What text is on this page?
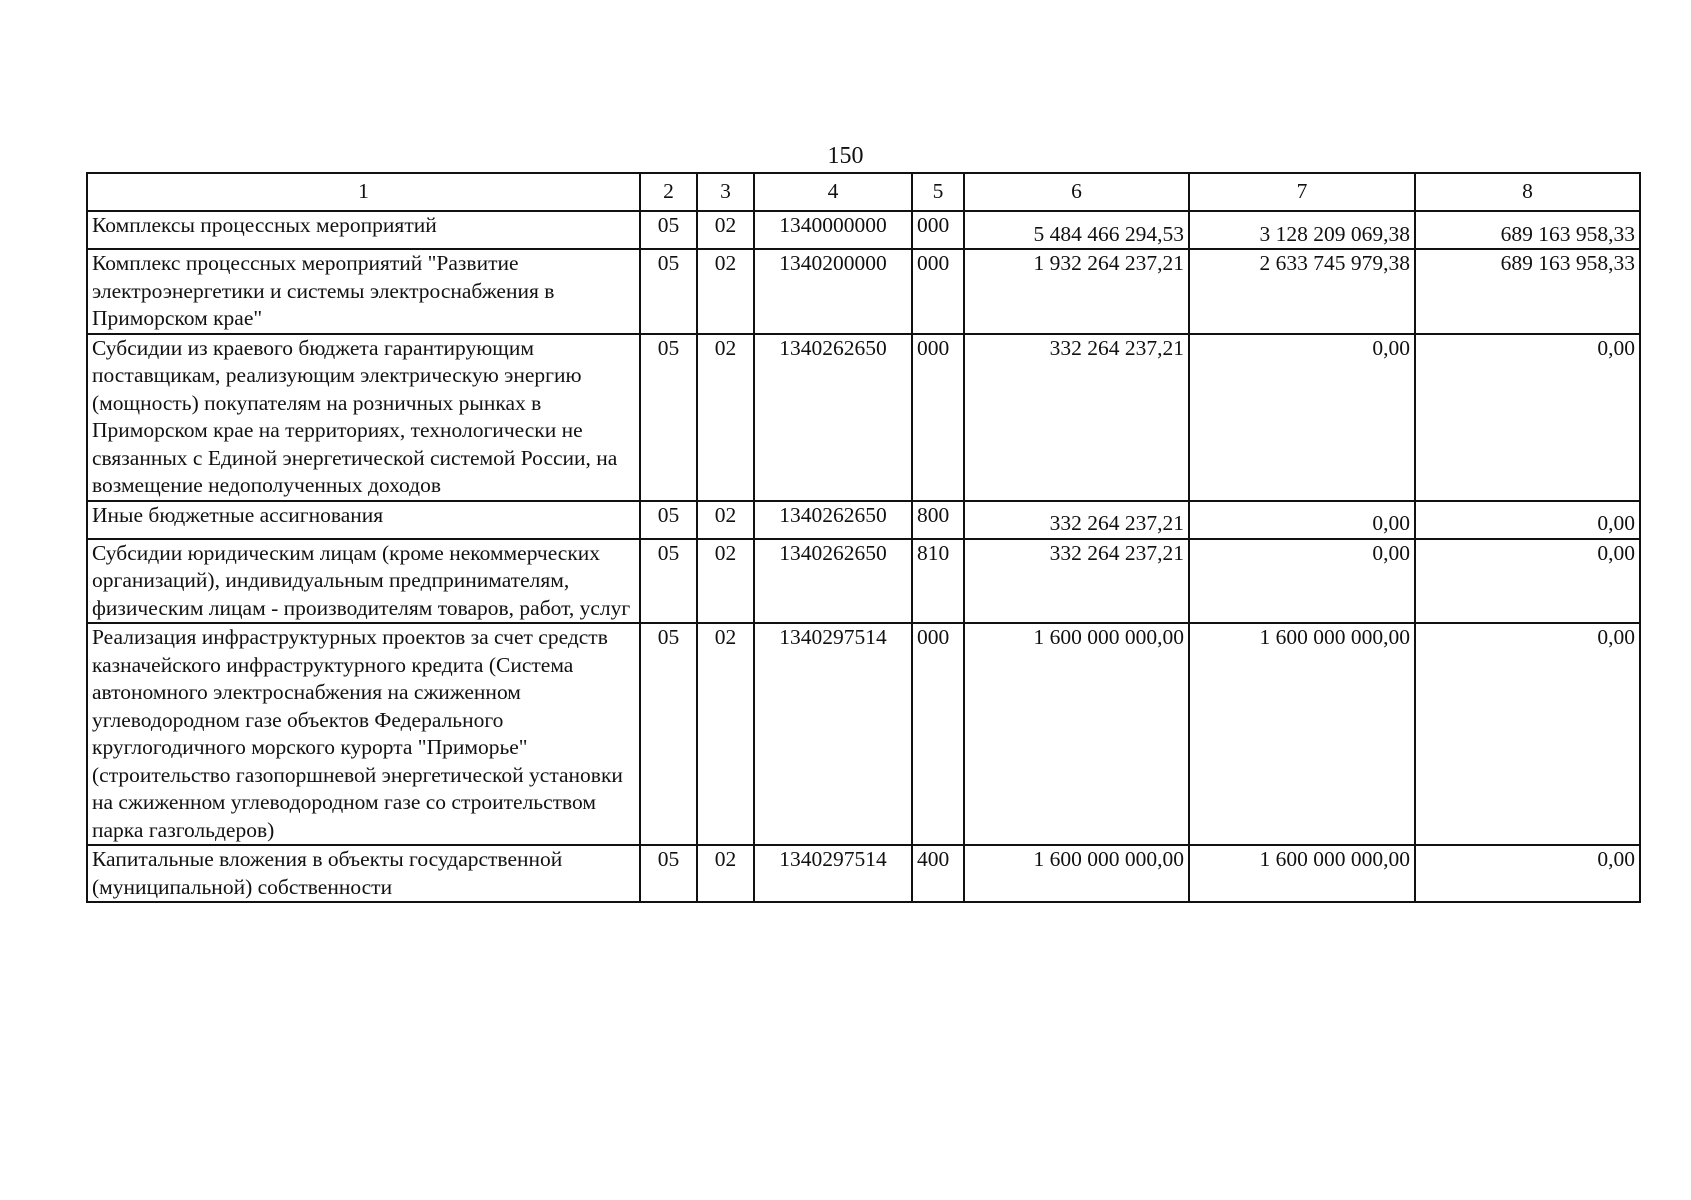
150
1	2	3	4	5	6	7	8
Комплексы процессных мероприятий	05	02	1340000000	000	5 484 466 294,53	3 128 209 069,38	689 163 958,33
Комплекс процессных мероприятий "Развитие электроэнергетики и системы электроснабжения в Приморском крае"	05	02	1340200000	000	1 932 264 237,21	2 633 745 979,38	689 163 958,33
Субсидии из краевого бюджета гарантирующим поставщикам, реализующим электрическую энергию (мощность) покупателям на розничных рынках в Приморском крае на территориях, технологически не связанных с Единой энергетической системой России, на возмещение недополученных доходов	05	02	1340262650	000	332 264 237,21	0,00	0,00
Иные бюджетные ассигнования	05	02	1340262650	800	332 264 237,21	0,00	0,00
Субсидии юридическим лицам (кроме некоммерческих организаций), индивидуальным предпринимателям, физическим лицам - производителям товаров, работ, услуг	05	02	1340262650	810	332 264 237,21	0,00	0,00
Реализация инфраструктурных проектов за счет средств казначейского инфраструктурного кредита (Система автономного электроснабжения на сжиженном углеводородном газе объектов Федерального круглогодичного морского курорта "Приморье" (строительство газопоршневой энергетической установки на сжиженном углеводородном газе со строительством парка газгольдеров)	05	02	1340297514	000	1 600 000 000,00	1 600 000 000,00	0,00
Капитальные вложения в объекты государственной (муниципальной) собственности	05	02	1340297514	400	1 600 000 000,00	1 600 000 000,00	0,00
